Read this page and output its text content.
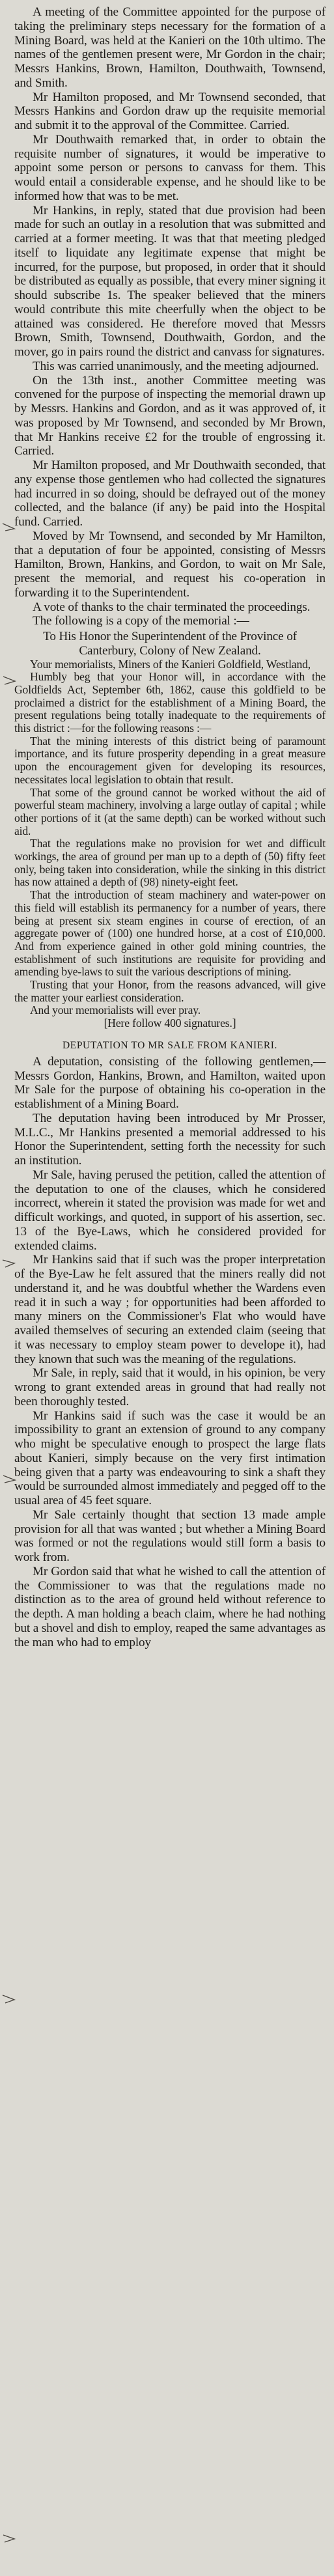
A meeting of the Committee appointed for the purpose of taking the preliminary steps necessary for the formation of a Mining Board, was held at the Kanieri on the 10th ultimo. The names of the gentlemen present were, Mr Gordon in the chair; Messrs Hankins, Brown, Hamilton, Douthwaith, Townsend, and Smith.

Mr Hamilton proposed, and Mr Townsend seconded, that Messrs Hankins and Gordon draw up the requisite memorial and submit it to the approval of the Committee. Carried.

Mr Douthwaith remarked that, in order to obtain the requisite number of signatures, it would be imperative to appoint some person or persons to canvass for them. This would entail a considerable expense, and he should like to be informed how that was to be met.

Mr Hankins, in reply, stated that due provision had been made for such an outlay in a resolution that was submitted and carried at a former meeting. It was that that meeting pledged itself to liquidate any legitimate expense that might be incurred, for the purpose, but proposed, in order that it should be distributed as equally as possible, that every miner signing it should subscribe 1s. The speaker believed that the miners would contribute this mite cheerfully when the object to be attained was considered. He therefore moved that Messrs Brown, Smith, Townsend, Douthwaith, Gordon, and the mover, go in pairs round the district and canvass for signatures.

This was carried unanimously, and the meeting adjourned.

On the 13th inst., another Committee meeting was convened for the purpose of inspecting the memorial drawn up by Messrs. Hankins and Gordon, and as it was approved of, it was proposed by Mr Townsend, and seconded by Mr Brown, that Mr Hankins receive £2 for the trouble of engrossing it. Carried.

Mr Hamilton proposed, and Mr Douthwaith seconded, that any expense those gentlemen who had collected the signatures had incurred in so doing, should be defrayed out of the money collected, and the balance (if any) be paid into the Hospital fund. Carried.

Moved by Mr Townsend, and seconded by Mr Hamilton, that a deputation of four be appointed, consisting of Messrs Hamilton, Brown, Hankins, and Gordon, to wait on Mr Sale, present the memorial, and request his co-operation in forwarding it to the Superintendent.

A vote of thanks to the chair terminated the proceedings.

The following is a copy of the memorial :—

To His Honor the Superintendent of the Province of Canterbury, Colony of New Zealand.

Your memorialists, Miners of the Kanieri Goldfield, Westland,

Humbly beg that your Honor will, in accordance with the Goldfields Act, September 6th, 1862, cause this goldfield to be proclaimed a district for the establishment of a Mining Board, the present regulations being totally inadequate to the requirements of this district :—for the following reasons :—

That the mining interests of this district being of paramount importance, and its future prosperity depending in a great measure upon the encouragement given for developing its resources, necessitates local legislation to obtain that result.

That some of the ground cannot be worked without the aid of powerful steam machinery, involving a large outlay of capital ; while other portions of it (at the same depth) can be worked without such aid.

That the regulations make no provision for wet and difficult workings, the area of ground per man up to a depth of (50) fifty feet only, being taken into consideration, while the sinking in this district has now attained a depth of (98) ninety-eight feet.

That the introduction of steam machinery and water-power on this field will establish its permanency for a number of years, there being at present six steam engines in course of erection, of an aggregate power of (100) one hundred horse, at a cost of £10,000. And from experience gained in other gold mining countries, the establishment of such institutions are requisite for providing and amending bye-laws to suit the various descriptions of mining.

Trusting that your Honor, from the reasons advanced, will give the matter your earliest consideration.

And your memorialists will ever pray.

[Here follow 400 signatures.]

DEPUTATION TO MR SALE FROM KANIERI.

A deputation, consisting of the following gentlemen,—Messrs Gordon, Hankins, Brown, and Hamilton, waited upon Mr Sale for the purpose of obtaining his co-operation in the establishment of a Mining Board.

The deputation having been introduced by Mr Prosser, M.L.C., Mr Hankins presented a memorial addressed to his Honor the Superintendent, setting forth the necessity for such an institution.

Mr Sale, having perused the petition, called the attention of the deputation to one of the clauses, which he considered incorrect, wherein it stated the provision was made for wet and difficult workings, and quoted, in support of his assertion, sec. 13 of the Bye-Laws, which he considered provided for extended claims.

Mr Hankins said that if such was the proper interpretation of the Bye-Law he felt assured that the miners really did not understand it, and he was doubtful whether the Wardens even read it in such a way ; for opportunities had been afforded to many miners on the Commissioner's Flat who would have availed themselves of securing an extended claim (seeing that it was necessary to employ steam power to develope it), had they known that such was the meaning of the regulations.

Mr Sale, in reply, said that it would, in his opinion, be very wrong to grant extended areas in ground that had really not been thoroughly tested.

Mr Hankins said if such was the case it would be an impossibility to grant an extension of ground to any company who might be speculative enough to prospect the large flats about Kanieri, simply because on the very first intimation being given that a party was endeavouring to sink a shaft they would be surrounded almost immediately and pegged off to the usual area of 45 feet square.

Mr Sale certainly thought that section 13 made ample provision for all that was wanted ; but whether a Mining Board was formed or not the regulations would still form a basis to work from.

Mr Gordon said that what he wished to call the attention of the Commissioner to was that the regulations made no distinction as to the area of ground held without reference to the depth. A man holding a beach claim, where he had nothing but a shovel and dish to employ, reaped the same advantages as the man who had to employ
